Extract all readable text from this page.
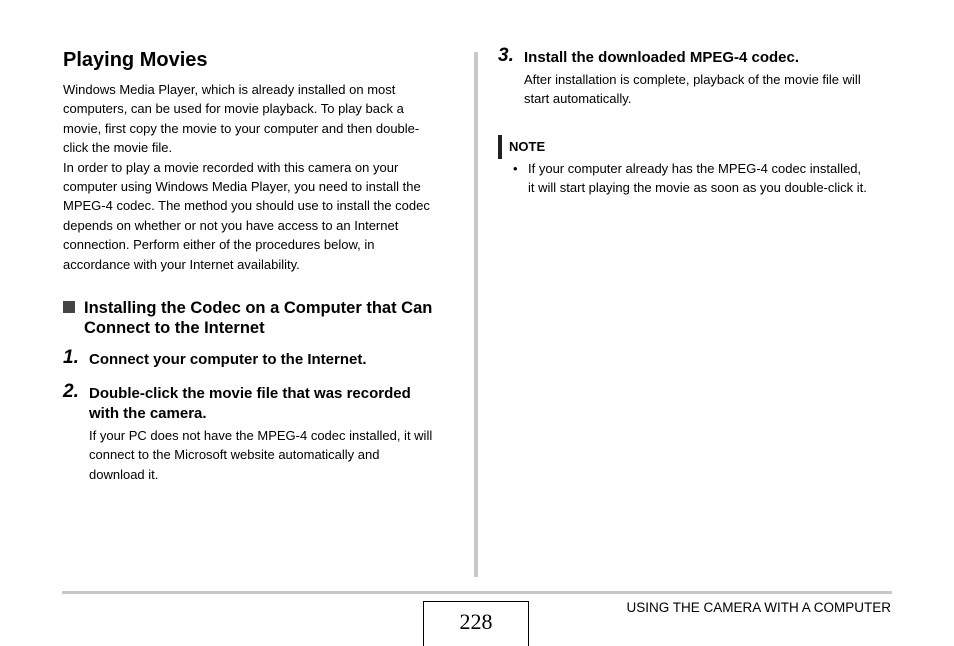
Playing Movies

Windows Media Player, which is already installed on most
computers, can be used for movie playback. To play back a
movie, first copy the movie to your computer and then double-
click the movie file.
In order to play a movie recorded with this camera on your
computer using Windows Media Player, you need to install the
MPEG-4 codec. The method you should use to install the codec
depends on whether or not you have access to an Internet
connection. Perform either of the procedures below, in
accordance with your Internet availability.

Installing the Codec on a Computer that Can
Connect to the Internet
1. Connect your computer to the Internet.
2. Double-click the movie file that was recorded
with the camera.
If your PC does not have the MPEG-4 codec installed, it will
connect to the Microsoft website automatically and
download it.
3. Install the downloaded MPEG-4 codec.
After installation is complete, playback of the movie file will
start automatically.
NOTE
• If your computer already has the MPEG-4 codec installed,
it will start playing the movie as soon as you double-click it.
228
USING THE CAMERA WITH A COMPUTER
